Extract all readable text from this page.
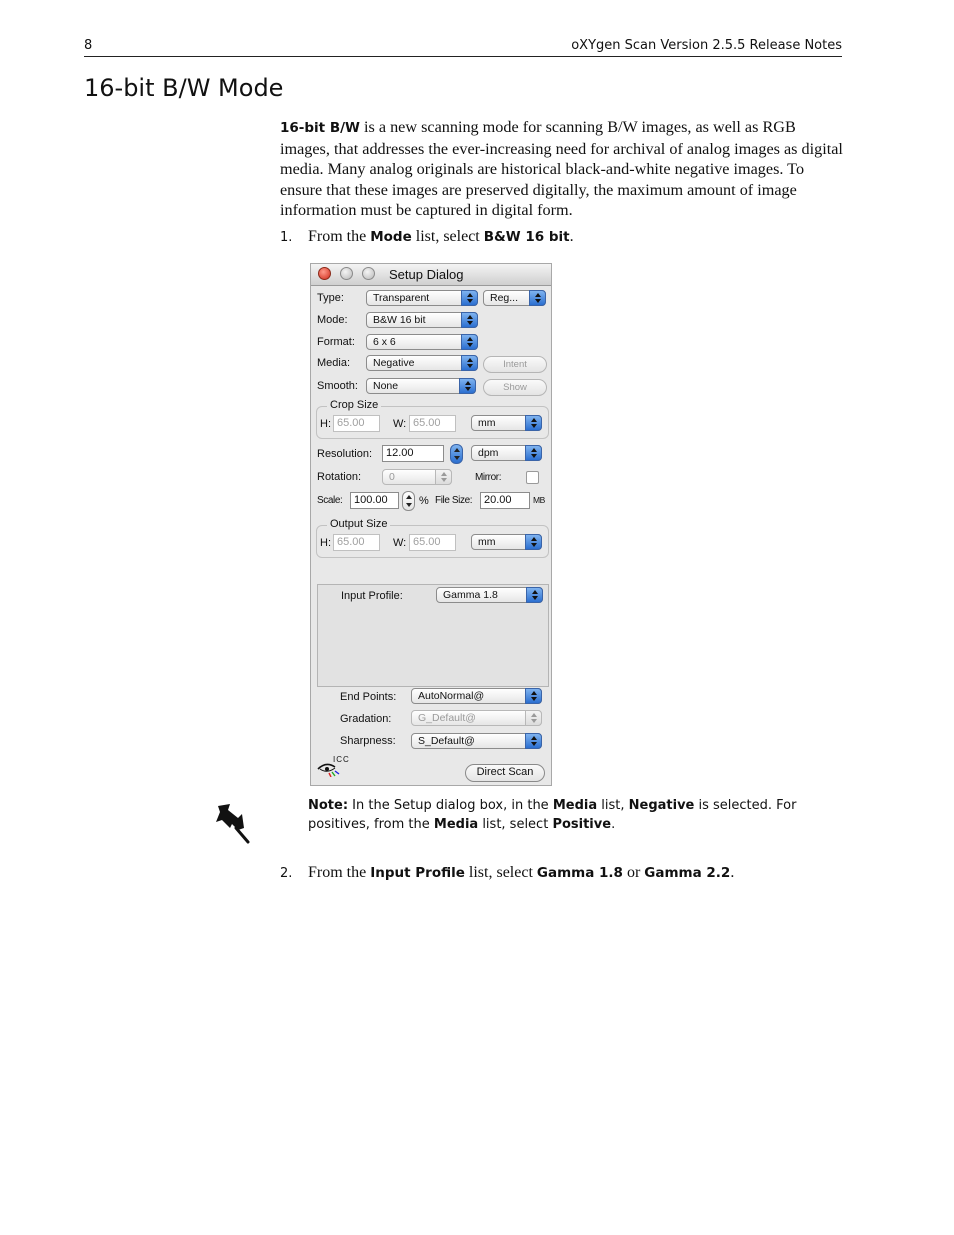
8	oXYgen Scan Version 2.5.5 Release Notes
16-bit B/W Mode

16-bit B/W is a new scanning mode for scanning B/W images, as well as RGB images, that addresses the ever-increasing need for archival of analog images as digital media. Many analog originals are historical black-and-white negative images. To ensure that these images are preserved digitally, the maximum amount of image information must be captured in digital form.

1. From the Mode list, select B&W 16 bit.
Setup Dialog
Type:	Transparent	Reg...
Mode: B&W 16 bit
Format: 6 x 6
Media: Negative	Intent
Smooth: None	Show
Crop Size
H: 65.00	W: 65.00	mm
Resolution:	12.00	dpm
Rotation:	0	Mirror:
Scale:	100.00	% File Size:	20.00	MB
Output Size
H: 65.00	W: 65.00	mm
Input Profile:	Gamma 1.8
End Points: AutoNormal@
Gradation:	G_Default@
Sharpness: S_Default@
ICC
Direct Scan

Note: In the Setup dialog box, in the Media list, Negative is selected. For positives, from the Media list, select Positive.

2. From the Input Profile list, select Gamma 1.8 or Gamma 2.2.
